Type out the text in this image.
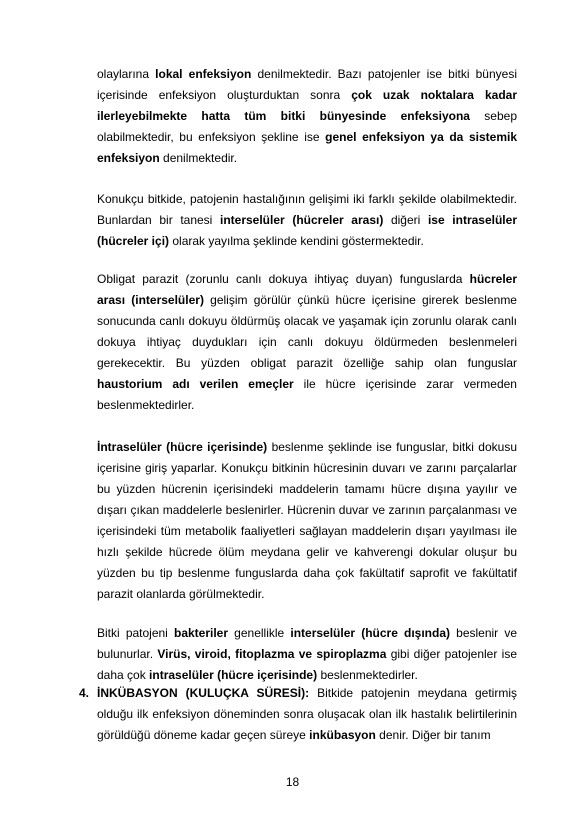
olaylarına lokal enfeksiyon denilmektedir. Bazı patojenler ise bitki bünyesi içerisinde enfeksiyon oluşturduktan sonra çok uzak noktalara kadar ilerleyebilmekte hatta tüm bitki bünyesinde enfeksiyona sebep olabilmektedir, bu enfeksiyon şekline ise genel enfeksiyon ya da sistemik enfeksiyon denilmektedir.

Konukçu bitkide, patojenin hastalığının gelişimi iki farklı şekilde olabilmektedir. Bunlardan bir tanesi interselüler (hücreler arası) diğeri ise intraselüler (hücreler içi) olarak yayılma şeklinde kendini göstermektedir.

Obligat parazit (zorunlu canlı dokuya ihtiyaç duyan) funguslarda hücreler arası (interselüler) gelişim görülür çünkü hücre içerisine girerek beslenme sonucunda canlı dokuyu öldürmüş olacak ve yaşamak için zorunlu olarak canlı dokuya ihtiyaç duydukları için canlı dokuyu öldürmeden beslenmeleri gerekecektir. Bu yüzden obligat parazit özelliğe sahip olan funguslar haustorium adı verilen emeçler ile hücre içerisinde zarar vermeden beslenmektedirler.

İntraselüler (hücre içerisinde) beslenme şeklinde ise funguslar, bitki dokusu içerisine giriş yaparlar. Konukçu bitkinin hücresinin duvarı ve zarını parçalarlar bu yüzden hücrenin içerisindeki maddelerin tamamı hücre dışına yayılır ve dışarı çıkan maddelerle beslenirler. Hücrenin duvar ve zarının parçalanması ve içerisindeki tüm metabolik faaliyetleri sağlayan maddelerin dışarı yayılması ile hızlı şekilde hücrede ölüm meydana gelir ve kahverengi dokular oluşur bu yüzden bu tip beslenme funguslarda daha çok fakültatif saprofit ve fakültatif parazit olanlarda görülmektedir.

Bitki patojeni bakteriler genellikle interselüler (hücre dışında) beslenir ve bulunurlar. Virüs, viroid, fitoplazma ve spiroplazma gibi diğer patojenler ise daha çok intraselüler (hücre içerisinde) beslenmektedirler.

4. İNKÜBASYON (KULUÇKA SÜRESİ): Bitkide patojenin meydana getirmiş olduğu ilk enfeksiyon döneminden sonra oluşacak olan ilk hastalık belirtilerinin görüldüğü döneme kadar geçen süreye inkübasyon denir. Diğer bir tanım

18
